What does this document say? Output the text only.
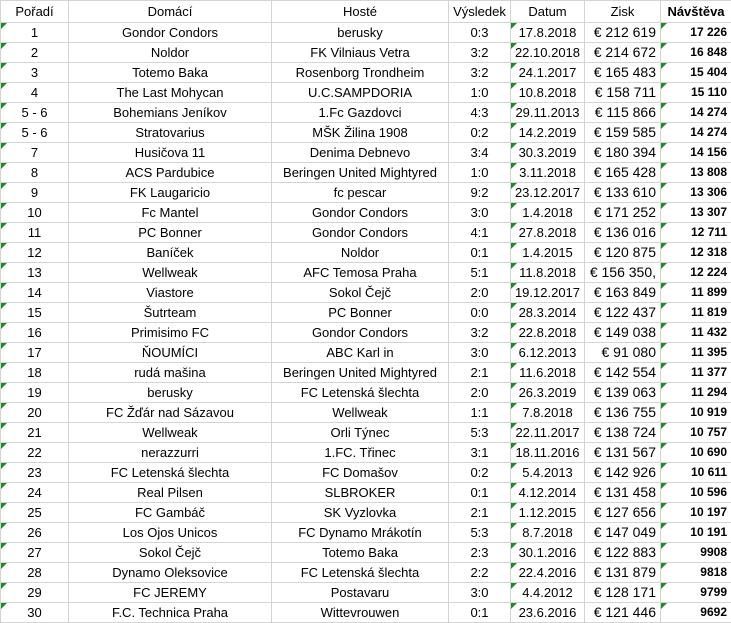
Pořadí	Domácí	Hosté	Výsledek	Datum	Zisk	Návštěva

1	Gondor Condors	berusky	0:3	17.8.2018	€ 212 619	17 226

2	Noldor	FK Vilniaus Vetra	3:2	22.10.2018	€ 214 672	16 848

3	Totemo Baka	Rosenborg Trondheim	3:2	24.1.2017	€ 165 483	15 404

4	The Last Mohycan	U.C.SAMPDORIA	1:0	10.8.2018	€ 158 711	15 110

5 - 6	Bohemians Jeníkov	1.Fc Gazdovci	4:3	29.11.2013	€ 115 866	14 274

5 - 6	Stratovarius	MŠK Žilina 1908	0:2	14.2.2019	€ 159 585	14 274

7	Husičova 11	Denima Debnevo	3:4	30.3.2019	€ 180 394	14 156

8	ACS Pardubice	Beringen United Mightyred	1:0	3.11.2018	€ 165 428	13 808

9	FK Laugaricio	fc pescar	9:2	23.12.2017	€ 133 610	13 306

10	Fc Mantel	Gondor Condors	3:0	1.4.2018	€ 171 252	13 307

11	PC Bonner	Gondor Condors	4:1	27.8.2018	€ 136 016	12 711

12	Baníček	Noldor	0:1	1.4.2015	€ 120 875	12 318

13	Wellweak	AFC Temosa Praha	5:1	11.8.2018	€ 156 350,	12 224

14	Viastore	Sokol Čejč	2:0	19.12.2017	€ 163 849	11 899

15	Šutrteam	PC Bonner	0:0	28.3.2014	€ 122 437	11 819

16	Primisimo FC	Gondor Condors	3:2	22.8.2018	€ 149 038	11 432

17	ŇOUMÍCI	ABC Karl in	3:0	6.12.2013	€ 91 080	11 395

18	rudá mašina	Beringen United Mightyred	2:1	11.6.2018	€ 142 554	11 377

19	berusky	FC Letenská šlechta	2:0	26.3.2019	€ 139 063	11 294

20	FC Žďár nad Sázavou	Wellweak	1:1	7.8.2018	€ 136 755	10 919

21	Wellweak	Orli Týnec	5:3	22.11.2017	€ 138 724	10 757

22	nerazzurri	1.FC. Třinec	3:1	18.11.2016	€ 131 567	10 690

23	FC Letenská šlechta	FC Domašov	0:2	5.4.2013	€ 142 926	10 611

24	Real Pilsen	SLBROKER	0:1	4.12.2014	€ 131 458	10 596

25	FC Gambáč	SK Vyzlovka	2:1	1.12.2015	€ 127 656	10 197

26	Los Ojos Unicos	FC Dynamo Mrákotín	5:3	8.7.2018	€ 147 049	10 191

27	Sokol Čejč	Totemo Baka	2:3	30.1.2016	€ 122 883	9908

28	Dynamo Oleksovice	FC Letenská šlechta	2:2	22.4.2016	€ 131 879	9818

29	FC JEREMY	Postavaru	3:0	4.4.2012	€ 128 171	9799

30	F.C. Technica Praha	Wittevrouwen	0:1	23.6.2016	€ 121 446	9692
